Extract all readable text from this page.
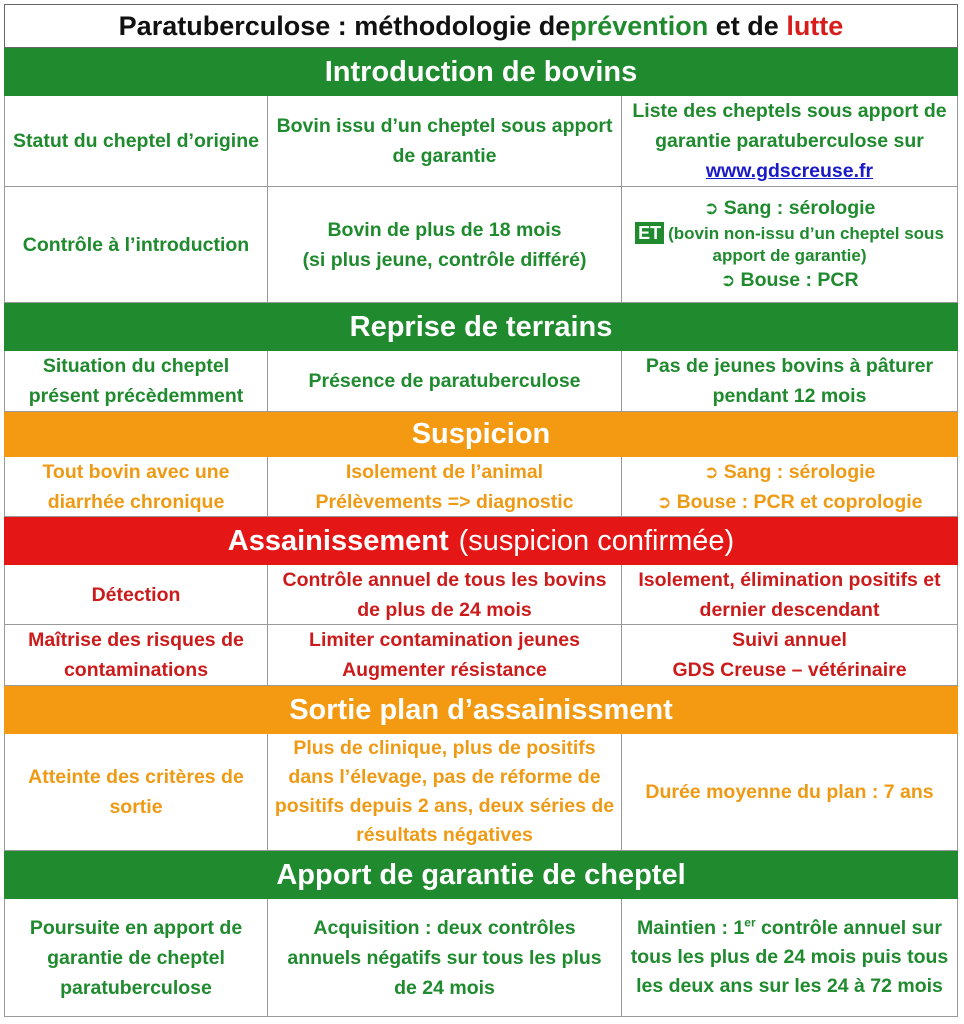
Paratuberculose : méthodologie de prévention et de lutte
Introduction de bovins
Statut du cheptel d’origine
Bovin issu d’un cheptel sous apport de garantie
Liste des cheptels sous apport de garantie paratuberculose sur www.gdscreuse.fr
Contrôle à l’introduction
Bovin de plus de 18 mois
(si plus jeune, contrôle différé)
➲ Sang : sérologie
ET (bovin non-issu d’un cheptel sous apport de garantie)
➲ Bouse : PCR
Reprise de terrains
Situation du cheptel présent précèdemment
Présence de paratuberculose
Pas de jeunes bovins à pâturer pendant 12 mois
Suspicion
Tout bovin avec une diarrhée chronique
Isolement de l’animal
Prélèvements => diagnostic
➲ Sang : sérologie
➲ Bouse : PCR et coprologie
Assainissement (suspicion confirmée)
Détection
Contrôle annuel de tous les bovins de plus de 24 mois
Isolement, élimination positifs et dernier descendant
Maîtrise des risques de contaminations
Limiter contamination jeunes
Augmenter résistance
Suivi annuel
GDS Creuse – vétérinaire
Sortie plan d’assainissment
Atteinte des critères de sortie
Plus de clinique, plus de positifs dans l’élevage, pas de réforme de positifs depuis 2 ans, deux séries de résultats négatives
Durée moyenne du plan : 7 ans
Apport de garantie de cheptel
Poursuite en apport de garantie de cheptel paratuberculose
Acquisition : deux contrôles annuels négatifs sur tous les plus de 24 mois
Maintien : 1er contrôle annuel sur tous les plus de 24 mois puis tous les deux ans sur les 24 à 72 mois
